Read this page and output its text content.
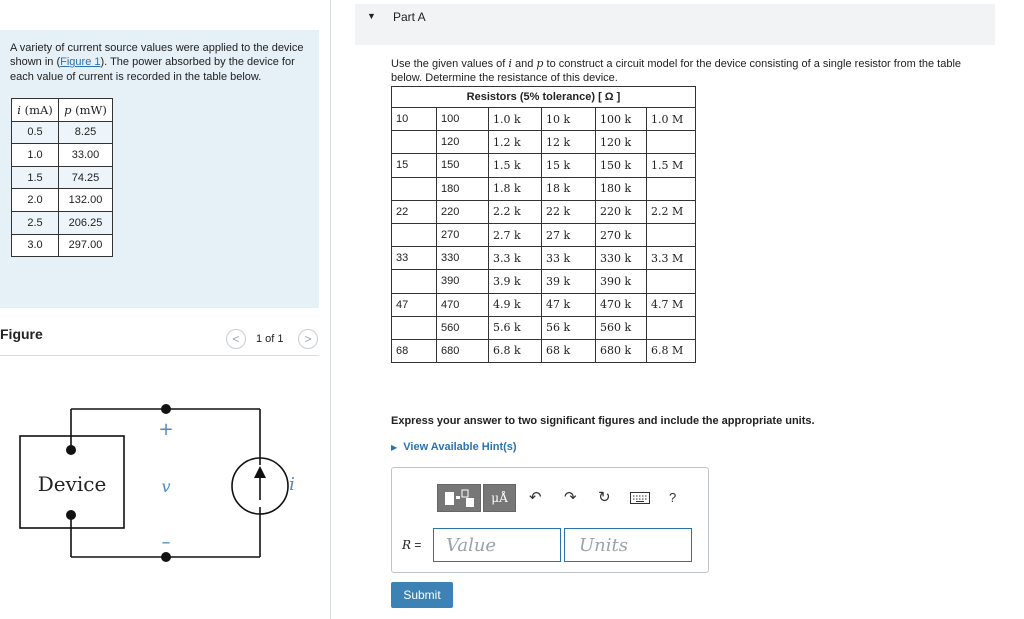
A variety of current source values were applied to the device shown in (Figure 1). The power absorbed by the device for each value of current is recorded in the table below.
i (mA)	p (mW)
0.5	8.25
1.0	33.00
1.5	74.25
2.0	132.00
2.5	206.25
3.0	297.00
Figure	<	1 of 1	>
Device
+
v
–
i
▼ Part A
Use the given values of i and p to construct a circuit model for the device consisting of a single resistor from the table below. Determine the resistance of this device.
Resistors (5% tolerance) [ Ω ]					
10	100	1.0 k	10 k	100 k	1.0 M
	120	1.2 k	12 k	120 k	
15	150	1.5 k	15 k	150 k	1.5 M
	180	1.8 k	18 k	180 k	
22	220	2.2 k	22 k	220 k	2.2 M
	270	2.7 k	27 k	270 k	
33	330	3.3 k	33 k	330 k	3.3 M
	390	3.9 k	39 k	390 k	
47	470	4.9 k	47 k	470 k	4.7 M
	560	5.6 k	56 k	560 k	
68	680	6.8 k	68 k	680 k	6.8 M
Express your answer to two significant figures and include the appropriate units.
▶ View Available Hint(s)
μÅ	↶ ↷ ↻	?
R =
Value
Units
Submit
